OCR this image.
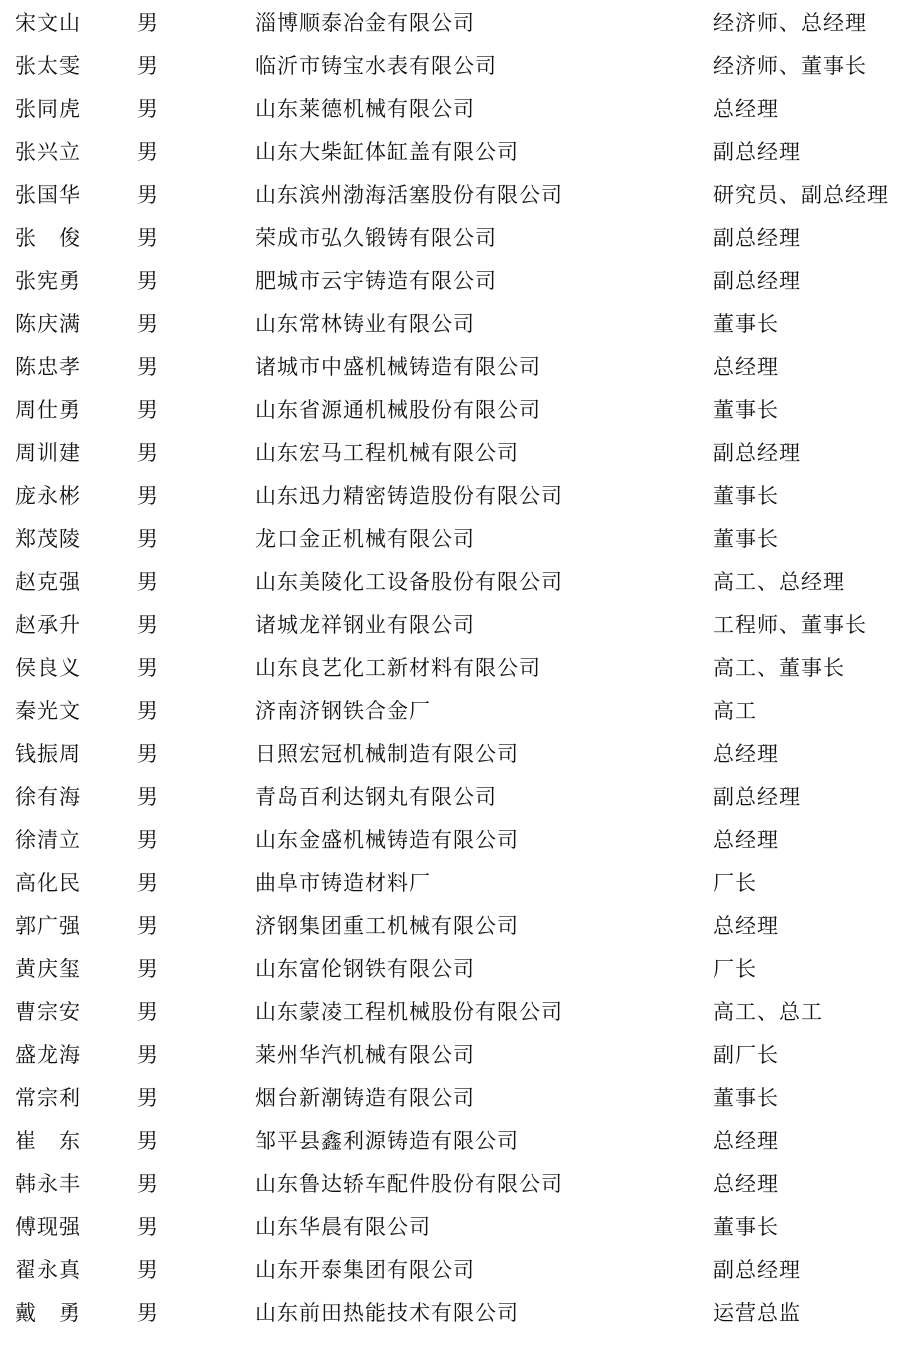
宋文山	男	淄博顺泰冶金有限公司	经济师、总经理
张太雯	男	临沂市铸宝水表有限公司	经济师、董事长
张同虎	男	山东莱德机械有限公司	总经理
张兴立	男	山东大柴缸体缸盖有限公司	副总经理
张国华	男	山东滨州渤海活塞股份有限公司	研究员、副总经理
张　俊	男	荣成市弘久锻铸有限公司	副总经理
张宪勇	男	肥城市云宇铸造有限公司	副总经理
陈庆满	男	山东常林铸业有限公司	董事长
陈忠孝	男	诸城市中盛机械铸造有限公司	总经理
周仕勇	男	山东省源通机械股份有限公司	董事长
周训建	男	山东宏马工程机械有限公司	副总经理
庞永彬	男	山东迅力精密铸造股份有限公司	董事长
郑茂陵	男	龙口金正机械有限公司	董事长
赵克强	男	山东美陵化工设备股份有限公司	高工、总经理
赵承升	男	诸城龙祥钢业有限公司	工程师、董事长
侯良义	男	山东良艺化工新材料有限公司	高工、董事长
秦光文	男	济南济钢铁合金厂	高工
钱振周	男	日照宏冠机械制造有限公司	总经理
徐有海	男	青岛百利达钢丸有限公司	副总经理
徐清立	男	山东金盛机械铸造有限公司	总经理
高化民	男	曲阜市铸造材料厂	厂长
郭广强	男	济钢集团重工机械有限公司	总经理
黄庆玺	男	山东富伦钢铁有限公司	厂长
曹宗安	男	山东蒙凌工程机械股份有限公司	高工、总工
盛龙海	男	莱州华汽机械有限公司	副厂长
常宗利	男	烟台新潮铸造有限公司	董事长
崔　东	男	邹平县鑫利源铸造有限公司	总经理
韩永丰	男	山东鲁达轿车配件股份有限公司	总经理
傅现强	男	山东华晨有限公司	董事长
翟永真	男	山东开泰集团有限公司	副总经理
戴　勇	男	山东前田热能技术有限公司	运营总监
